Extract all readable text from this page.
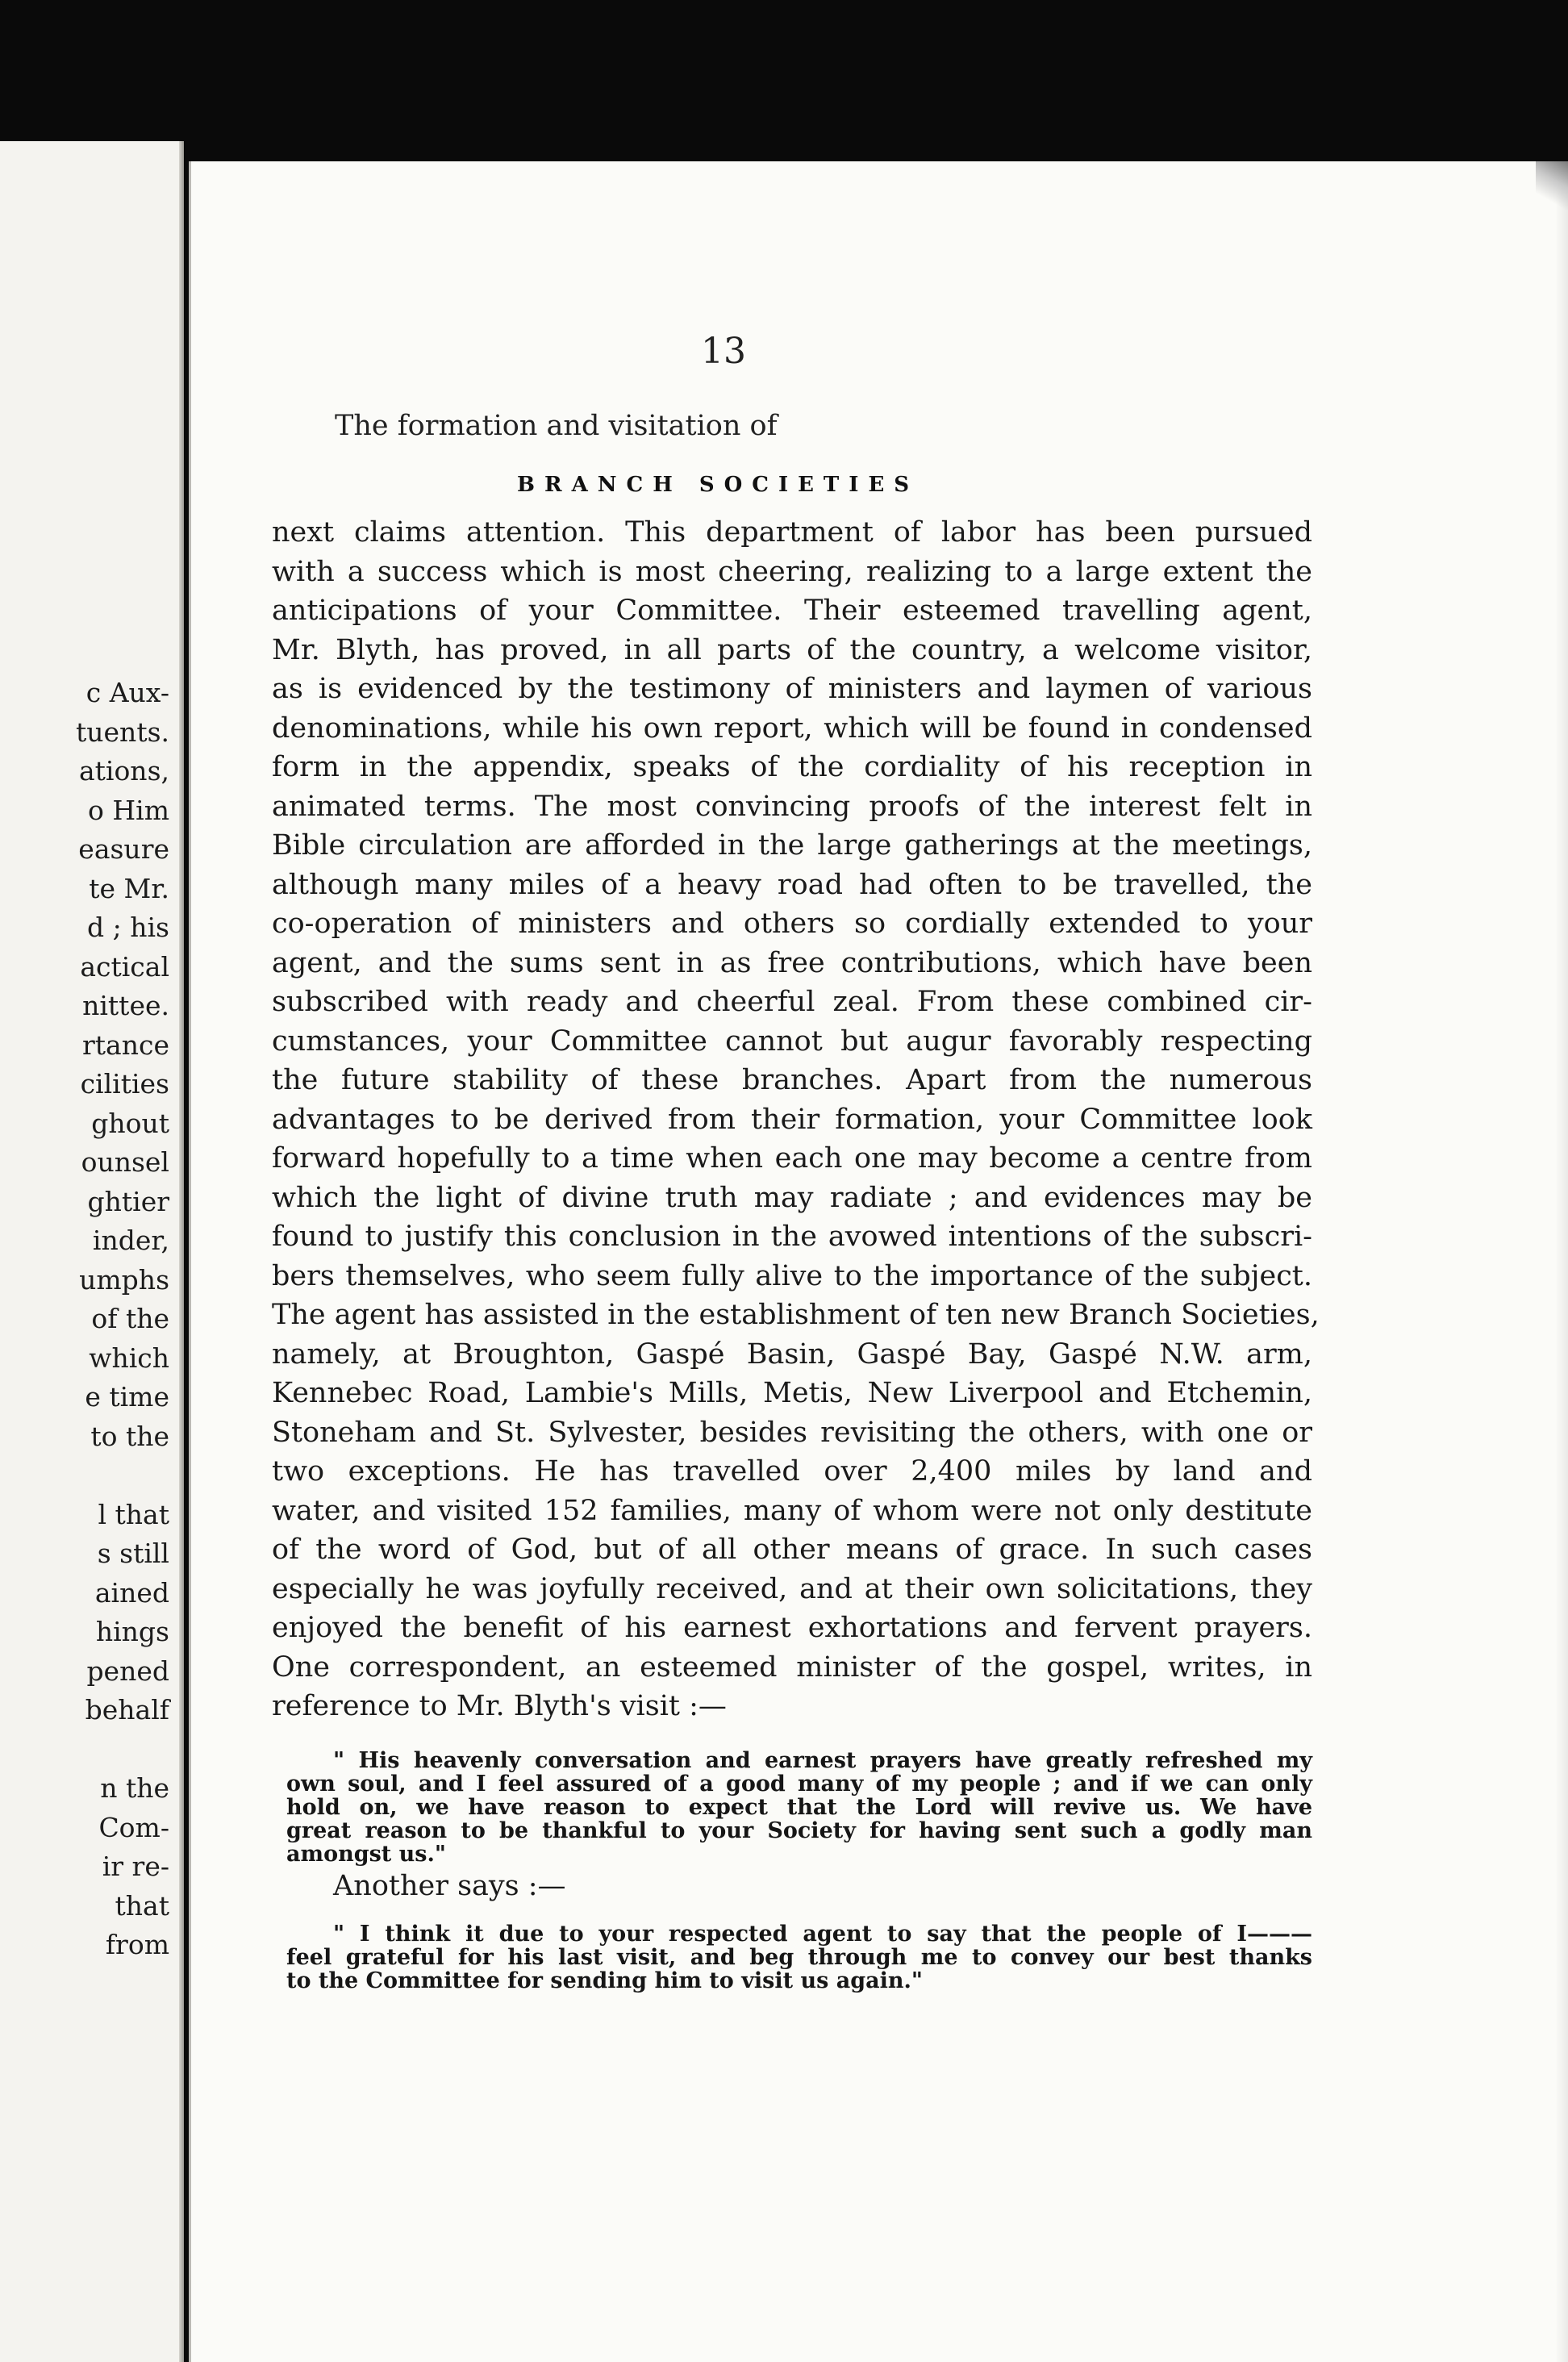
c Aux-
tuents.
ations,
o Him
easure
te Mr.
d ; his
actical
nittee.
rtance
cilities
ghout
ounsel
ghtier
inder,
umphs
of the
which
e time
to the
l that
s still
ained
hings
pened
behalf
n the
Com-
ir re-
that
from
13
The formation and visitation of
BRANCH SOCIETIES
next claims attention. This department of labor has been pursued
with a success which is most cheering, realizing to a large extent the
anticipations of your Committee. Their esteemed travelling agent,
Mr. Blyth, has proved, in all parts of the country, a welcome visitor,
as is evidenced by the testimony of ministers and laymen of various
denominations, while his own report, which will be found in condensed
form in the appendix, speaks of the cordiality of his reception in
animated terms. The most convincing proofs of the interest felt in
Bible circulation are afforded in the large gatherings at the meetings,
although many miles of a heavy road had often to be travelled, the
co-operation of ministers and others so cordially extended to your
agent, and the sums sent in as free contributions, which have been
subscribed with ready and cheerful zeal. From these combined cir-
cumstances, your Committee cannot but augur favorably respecting
the future stability of these branches. Apart from the numerous
advantages to be derived from their formation, your Committee look
forward hopefully to a time when each one may become a centre from
which the light of divine truth may radiate ; and evidences may be
found to justify this conclusion in the avowed intentions of the subscri-
bers themselves, who seem fully alive to the importance of the subject.
The agent has assisted in the establishment of ten new Branch Societies,
namely, at Broughton, Gaspé Basin, Gaspé Bay, Gaspé N.W. arm,
Kennebec Road, Lambie's Mills, Metis, New Liverpool and Etchemin,
Stoneham and St. Sylvester, besides revisiting the others, with one or
two exceptions. He has travelled over 2,400 miles by land and
water, and visited 152 families, many of whom were not only destitute
of the word of God, but of all other means of grace. In such cases
especially he was joyfully received, and at their own solicitations, they
enjoyed the benefit of his earnest exhortations and fervent prayers.
One correspondent, an esteemed minister of the gospel, writes, in
reference to Mr. Blyth's visit :—
" His heavenly conversation and earnest prayers have greatly refreshed my
own soul, and I feel assured of a good many of my people ; and if we can only
hold on, we have reason to expect that the Lord will revive us. We have
great reason to be thankful to your Society for having sent such a godly man
amongst us."
Another says :—
" I think it due to your respected agent to say that the people of I———
feel grateful for his last visit, and beg through me to convey our best thanks
to the Committee for sending him to visit us again."
